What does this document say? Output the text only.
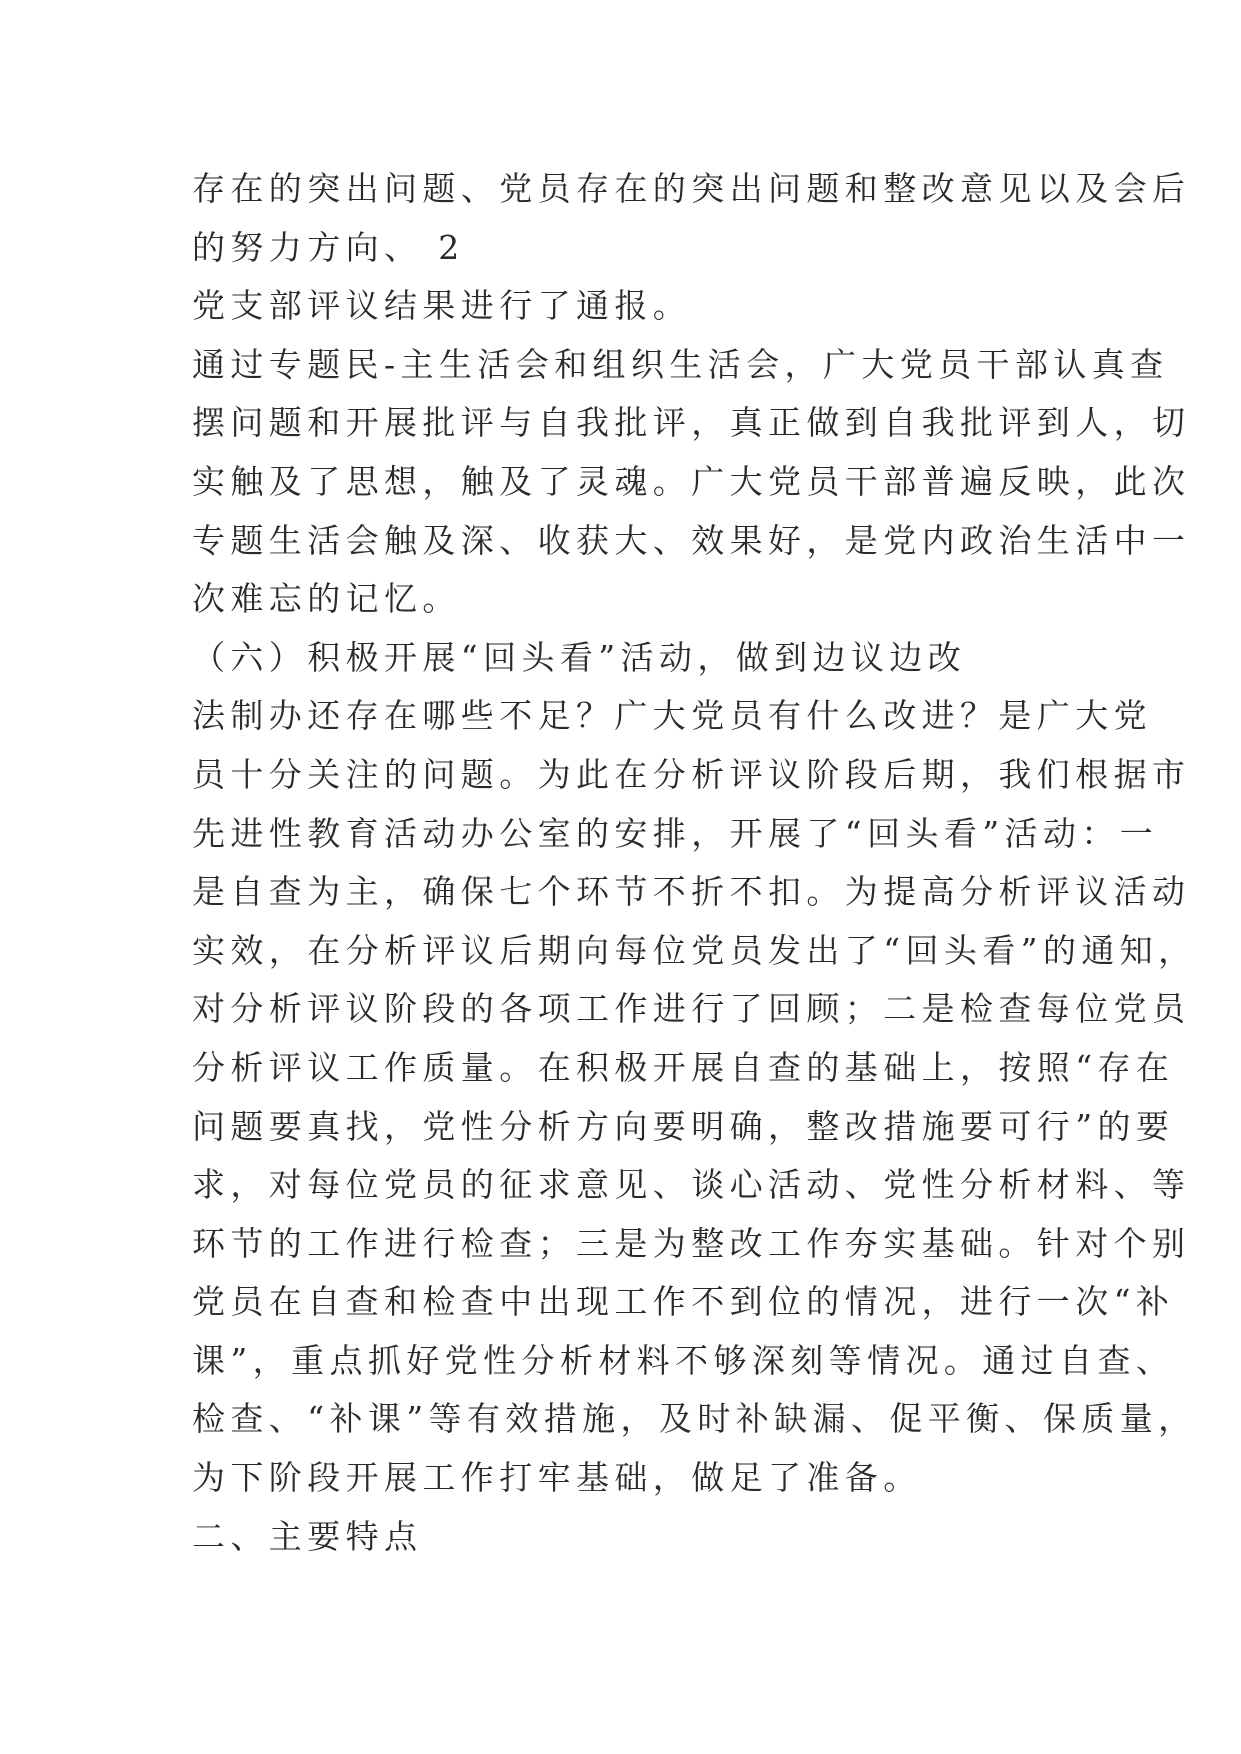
存在的突出问题、党员存在的突出问题和整改意见以及会后
的努力方向、 2
党支部评议结果进行了通报。
通过专题民-主生活会和组织生活会，广大党员干部认真查
摆问题和开展批评与自我批评，真正做到自我批评到人，切
实触及了思想，触及了灵魂。广大党员干部普遍反映，此次
专题生活会触及深、收获大、效果好，是党内政治生活中一
次难忘的记忆。
（六）积极开展“回头看”活动，做到边议边改
法制办还存在哪些不足？广大党员有什么改进？是广大党
员十分关注的问题。为此在分析评议阶段后期，我们根据市
先进性教育活动办公室的安排，开展了“回头看”活动：一
是自查为主，确保七个环节不折不扣。为提高分析评议活动
实效，在分析评议后期向每位党员发出了“回头看”的通知，
对分析评议阶段的各项工作进行了回顾；二是检查每位党员
分析评议工作质量。在积极开展自查的基础上，按照“存在
问题要真找，党性分析方向要明确，整改措施要可行”的要
求，对每位党员的征求意见、谈心活动、党性分析材料、等
环节的工作进行检查；三是为整改工作夯实基础。针对个别
党员在自查和检查中出现工作不到位的情况，进行一次“补
课”，重点抓好党性分析材料不够深刻等情况。通过自查、
检查、“补课”等有效措施，及时补缺漏、促平衡、保质量，
为下阶段开展工作打牢基础，做足了准备。
二、主要特点
